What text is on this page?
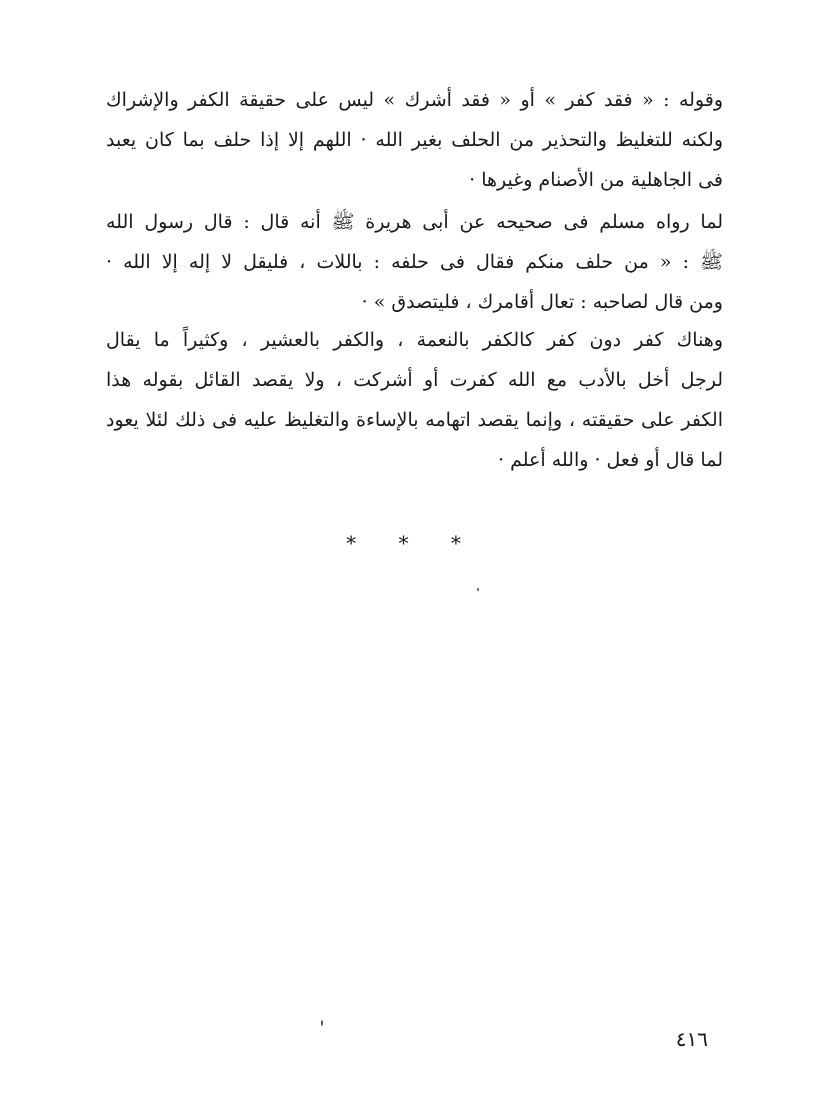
وقوله : « فقد كفر » أو « فقد أشرك » ليس على حقيقة الكفر والإشراك
ولكنه للتغليظ والتحذير من الحلف بغير الله · اللهم إلا إذا حلف بما كان يعبد
فى الجاهلية من الأصنام وغيرها ·
لما رواه مسلم فى صحيحه عن أبى هريرة ﷺ أنه قال : قال رسول الله
ﷺ : « من حلف منكم فقال فى حلفه : باللات ، فليقل لا إله إلا الله ·
ومن قال لصاحبه : تعال أقامرك ، فليتصدق » ·
وهناك كفر دون كفر كالكفر بالنعمة ، والكفر بالعشير ، وكثيراً ما يقال
لرجل أخل بالأدب مع الله كفرت أو أشركت ، ولا يقصد القائل بقوله هذا
الكفر على حقيقته ، وإنما يقصد اتهامه بالإساءة والتغليظ عليه فى ذلك لئلا يعود
لما قال أو فعل · والله أعلم ·
* * *
٤١٦
